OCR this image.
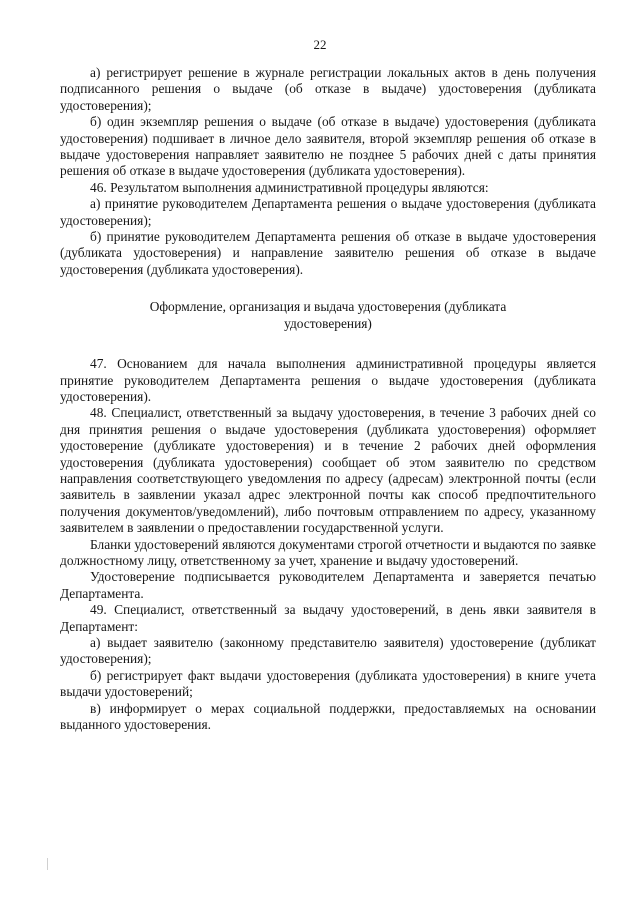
22

а) регистрирует решение в журнале регистрации локальных актов в день получения подписанного решения о выдаче (об отказе в выдаче) удостоверения (дубликата удостоверения);

б) один экземпляр решения о выдаче (об отказе в выдаче) удостоверения (дубликата удостоверения) подшивает в личное дело заявителя, второй экземпляр решения об отказе в выдаче удостоверения направляет заявителю не позднее 5 рабочих дней с даты принятия решения об отказе в выдаче удостоверения (дубликата удостоверения).

46. Результатом выполнения административной процедуры являются:

а) принятие руководителем Департамента решения о выдаче удостоверения (дубликата удостоверения);

б) принятие руководителем Департамента решения об отказе в выдаче удостоверения (дубликата удостоверения) и направление заявителю решения об отказе в выдаче удостоверения (дубликата удостоверения).

Оформление, организация и выдача удостоверения (дубликата удостоверения)

47. Основанием для начала выполнения административной процедуры является принятие руководителем Департамента решения о выдаче удостоверения (дубликата удостоверения).

48. Специалист, ответственный за выдачу удостоверения, в течение 3 рабочих дней со дня принятия решения о выдаче удостоверения (дубликата удостоверения) оформляет удостоверение (дубликате удостоверения) и в течение 2 рабочих дней оформления удостоверения (дубликата удостоверения) сообщает об этом заявителю по средством направления соответствующего уведомления по адресу (адресам) электронной почты (если заявитель в заявлении указал адрес электронной почты как способ предпочтительного получения документов/уведомлений), либо почтовым отправлением по адресу, указанному заявителем в заявлении о предоставлении государственной услуги.

Бланки удостоверений являются документами строгой отчетности и выдаются по заявке должностному лицу, ответственному за учет, хранение и выдачу удостоверений.

Удостоверение подписывается руководителем Департамента и заверяется печатью Департамента.

49. Специалист, ответственный за выдачу удостоверений, в день явки заявителя в Департамент:

а) выдает заявителю (законному представителю заявителя) удостоверение (дубликат удостоверения);

б) регистрирует факт выдачи удостоверения (дубликата удостоверения) в книге учета выдачи удостоверений;

в) информирует о мерах социальной поддержки, предоставляемых на основании выданного удостоверения.
